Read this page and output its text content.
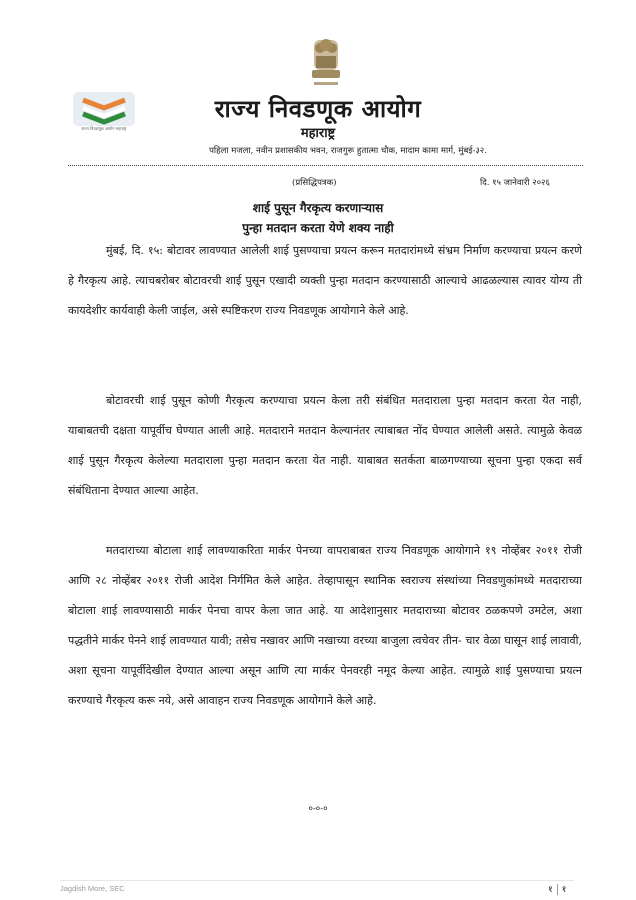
राज्य निवडणूक आयोग महाराष्ट्र
राज्य निवडणूक आयोग
महाराष्ट्र
पहिला मजला, नवीन प्रशासकीय भवन, राजगुरू हुतात्मा चौक, मादाम कामा मार्ग, मुंबई-३२.
(प्रसिद्धिपत्रक)	दि. १५ जानेवारी २०२६
शाई पुसून गैरकृत्य करणाऱ्यास
पुन्हा मतदान करता येणे शक्य नाही
मुंबई, दि. १५: बोटावर लावण्यात आलेली शाई पुसण्याचा प्रयत्न करून मतदारांमध्ये संभ्रम निर्माण करण्याचा प्रयत्न करणे हे गैरकृत्य आहे. त्याचबरोबर बोटावरची शाई पुसून एखादी व्यक्ती पुन्हा मतदान करण्यासाठी आल्याचे आढळल्यास त्यावर योग्य ती कायदेशीर कार्यवाही केली जाईल, असे स्पष्टिकरण राज्य निवडणूक आयोगाने केले आहे.
बोटावरची शाई पुसून कोणी गैरकृत्य करण्याचा प्रयत्न केला तरी संबंधित मतदाराला पुन्हा मतदान करता येत नाही, याबाबतची दक्षता यापूर्वीच घेण्यात आली आहे. मतदाराने मतदान केल्यानंतर त्याबाबत नोंद घेण्यात आलेली असते. त्यामुळे केवळ शाई पुसून गैरकृत्य केलेल्या मतदाराला पुन्हा मतदान करता येत नाही. याबाबत सतर्कता बाळगण्याच्या सूचना पुन्हा एकदा सर्व संबंधिताना देण्यात आल्या आहेत.
मतदाराच्या बोटाला शाई लावण्याकरिता मार्कर पेनच्या वापराबाबत राज्य निवडणूक आयोगाने १९ नोव्हेंबर २०११ रोजी आणि २८ नोव्हेंबर २०११ रोजी आदेश निर्गमित केले आहेत. तेव्हापासून स्थानिक स्वराज्य संस्थांच्या निवडणुकांमध्ये मतदाराच्या बोटाला शाई लावण्यासाठी मार्कर पेनचा वापर केला जात आहे. या आदेशानुसार मतदाराच्या बोटावर ठळकपणे उमटेल, अशा पद्धतीने मार्कर पेनने शाई लावण्यात यावी; तसेच नखावर आणि नखाच्या वरच्या बाजुला त्वचेवर तीन- चार वेळा घासून शाई लावावी, अशा सूचना यापूर्वीदेखील देण्यात आल्या असून आणि त्या मार्कर पेनवरही नमूद केल्या आहेत. त्यामुळे शाई पुसण्याचा प्रयत्न करण्याचे गैरकृत्य करू नये, असे आवाहन राज्य निवडणूक आयोगाने केले आहे.
०-०-०
Jagdish More, SEC	१ १
